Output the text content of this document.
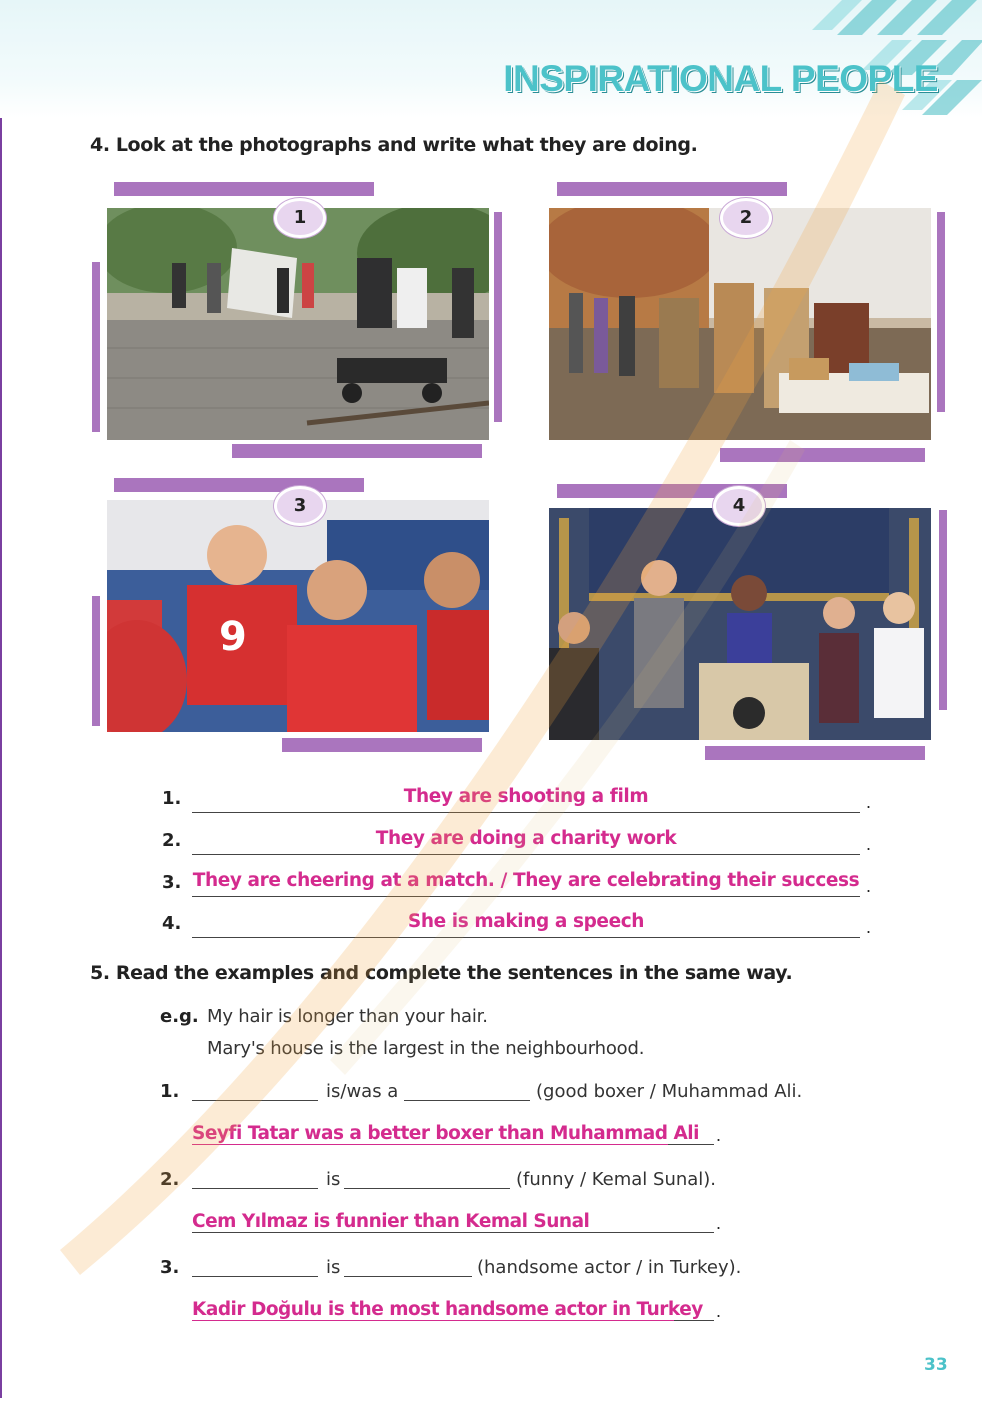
INSPIRATIONAL PEOPLE
4. Look at the photographs and write what they are doing.
1	2
9
3	4
1.	They are shooting a film	.
2.	They are doing a charity work	.
3. They are cheering at a match. / They are celebrating their success .
4.	She is making a speech	.
5. Read the examples and complete the sentences in the same way.
e.g. My hair is longer than your hair.
Mary's house is the largest in the neighbourhood.
1.	is/was a	(good boxer / Muhammad Ali.
Seyfi Tatar was a better boxer than Muhammad Ali .
2.	is	(funny / Kemal Sunal).
Cem Yılmaz is funnier than Kemal Sunal	.
3.	is	(handsome actor / in Turkey).
Kadir Doğulu is the most handsome actor in Turkey .
33
